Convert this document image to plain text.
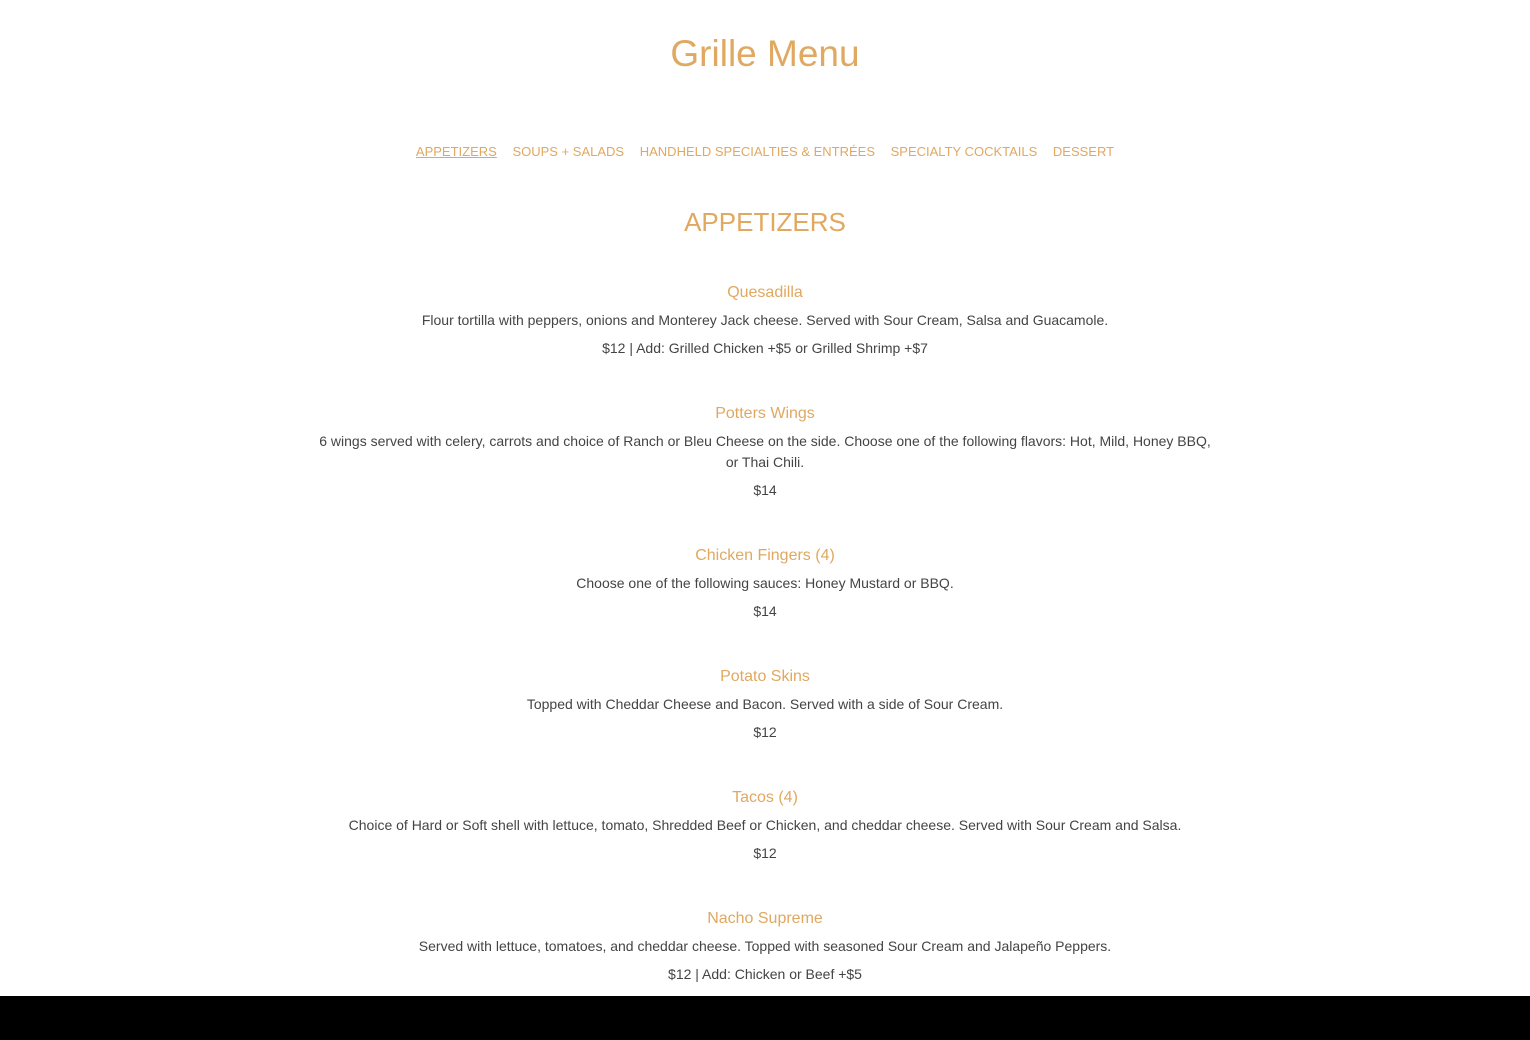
Grille Menu
APPETIZERS SOUPS + SALADS HANDHELD SPECIALTIES & ENTRÉES SPECIALTY COCKTAILS DESSERT
APPETIZERS
Quesadilla
Flour tortilla with peppers, onions and Monterey Jack cheese. Served with Sour Cream, Salsa and Guacamole.
$12 | Add: Grilled Chicken +$5 or Grilled Shrimp +$7
Potters Wings
6 wings served with celery, carrots and choice of Ranch or Bleu Cheese on the side. Choose one of the following flavors: Hot, Mild, Honey BBQ, or Thai Chili.
$14
Chicken Fingers (4)
Choose one of the following sauces: Honey Mustard or BBQ.
$14
Potato Skins
Topped with Cheddar Cheese and Bacon. Served with a side of Sour Cream.
$12
Tacos (4)
Choice of Hard or Soft shell with lettuce, tomato, Shredded Beef or Chicken, and cheddar cheese. Served with Sour Cream and Salsa.
$12
Nacho Supreme
Served with lettuce, tomatoes, and cheddar cheese. Topped with seasoned Sour Cream and Jalapeño Peppers.
$12 | Add: Chicken or Beef +$5
